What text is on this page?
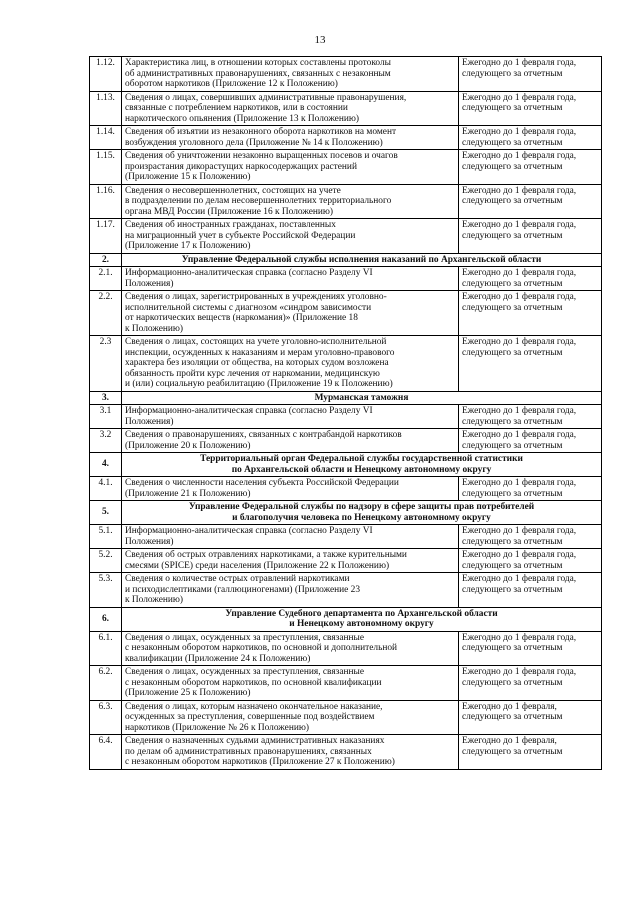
13
1.12.	Характеристика лиц, в отношении которых составлены протоколы
об административных правонарушениях, связанных с незаконным
оборотом наркотиков (Приложение 12 к Положению)	Ежегодно до 1 февраля года,
следующего за отчетным

1.13.	Сведения о лицах, совершивших административные правонарушения,
связанные с потреблением наркотиков, или в состоянии
наркотического опьянения (Приложение 13 к Положению)	Ежегодно до 1 февраля года,
следующего за отчетным

1.14.	Сведения об изъятии из незаконного оборота наркотиков на момент
возбуждения уголовного дела (Приложение № 14 к Положению)	Ежегодно до 1 февраля года,
следующего за отчетным

1.15.	Сведения об уничтожении незаконно выращенных посевов и очагов
произрастания дикорастущих наркосодержащих растений
(Приложение 15 к Положению)	Ежегодно до 1 февраля года,
следующего за отчетным

1.16.	Сведения о несовершеннолетних, состоящих на учете
в подразделении по делам несовершеннолетних территориального
органа МВД России (Приложение 16 к Положению)	Ежегодно до 1 февраля года,
следующего за отчетным

1.17.	Сведения об иностранных гражданах, поставленных
на миграционный учет в субъекте Российской Федерации
(Приложение 17 к Положению)	Ежегодно до 1 февраля года,
следующего за отчетным

2.	Управление Федеральной службы исполнения наказаний по Архангельской области	

2.1.	Информационно-аналитическая справка (согласно Разделу VI
Положения)	Ежегодно до 1 февраля года,
следующего за отчетным

2.2.	Сведения о лицах, зарегистрированных в учреждениях уголовно-
исполнительной системы с диагнозом «синдром зависимости
от наркотических веществ (наркомания)» (Приложение 18
к Положению)	Ежегодно до 1 февраля года,
следующего за отчетным

2.3	Сведения о лицах, состоящих на учете уголовно-исполнительной
инспекции, осужденных к наказаниям и мерам уголовно-правового
характера без изоляции от общества, на которых судом возложена
обязанность пройти курс лечения от наркомании, медицинскую
и (или) социальную реабилитацию (Приложение 19 к Положению)	Ежегодно до 1 февраля года,
следующего за отчетным

3.	Мурманская таможня	

3.1	Информационно-аналитическая справка (согласно Разделу VI
Положения)	Ежегодно до 1 февраля года,
следующего за отчетным

3.2	Сведения о правонарушениях, связанных с контрабандой наркотиков
(Приложение 20 к Положению)	Ежегодно до 1 февраля года,
следующего за отчетным

4.	Территориальный орган Федеральной службы государственной статистики
по Архангельской области и Ненецкому автономному округу	

4.1.	Сведения о численности населения субъекта Российской Федерации
(Приложение 21 к Положению)	Ежегодно до 1 февраля года,
следующего за отчетным

5.	Управление Федеральной службы по надзору в сфере защиты прав потребителей
и благополучия человека по Ненецкому автономному округу	

5.1.	Информационно-аналитическая справка (согласно Разделу VI
Положения)	Ежегодно до 1 февраля года,
следующего за отчетным

5.2.	Сведения об острых отравлениях наркотиками, а также курительными
смесями (SPICE) среди населения (Приложение 22 к Положению)	Ежегодно до 1 февраля года,
следующего за отчетным

5.3.	Сведения о количестве острых отравлений наркотиками
и психодислептиками (галлюциногенами) (Приложение 23
к Положению)	Ежегодно до 1 февраля года,
следующего за отчетным

6.	Управление Судебного департамента по Архангельской области
и Ненецкому автономному округу	

6.1.	Сведения о лицах, осужденных за преступления, связанные
с незаконным оборотом наркотиков, по основной и дополнительной
квалификации (Приложение 24 к Положению)	Ежегодно до 1 февраля года,
следующего за отчетным

6.2.	Сведения о лицах, осужденных за преступления, связанные
с незаконным оборотом наркотиков, по основной квалификации
(Приложение 25 к Положению)	Ежегодно до 1 февраля года,
следующего за отчетным

6.3.	Сведения о лицах, которым назначено окончательное наказание,
осужденных за преступления, совершенные под воздействием
наркотиков (Приложение № 26 к Положению)	Ежегодно до 1 февраля,
следующего за отчетным

6.4.	Сведения о назначенных судьями административных наказаниях
по делам об административных правонарушениях, связанных
с незаконным оборотом наркотиков (Приложение 27 к Положению)	Ежегодно до 1 февраля,
следующего за отчетным
